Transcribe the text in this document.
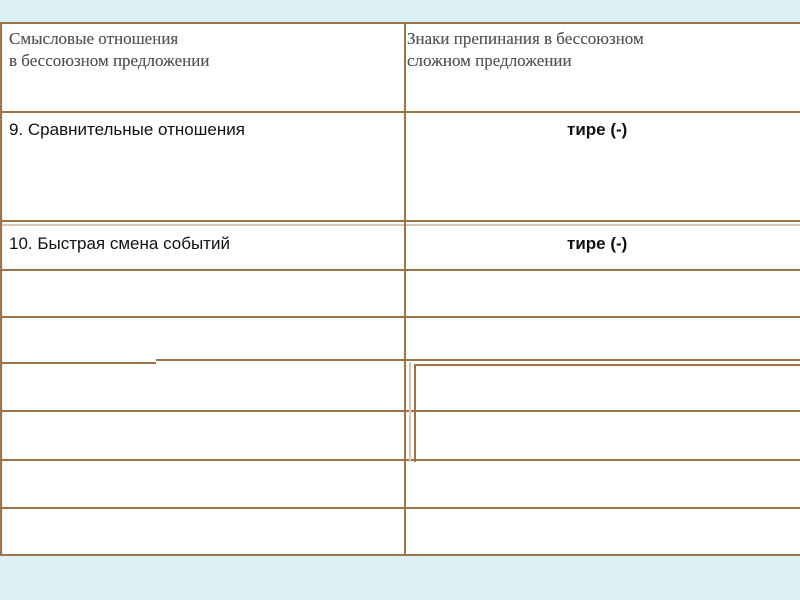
Смысловые отношения
в бессоюзном предложении
Знаки препинания в бессоюзном
сложном предложении
9. Сравнительные отношения	тире (-)
10. Быстрая смена событий	тире (-)
